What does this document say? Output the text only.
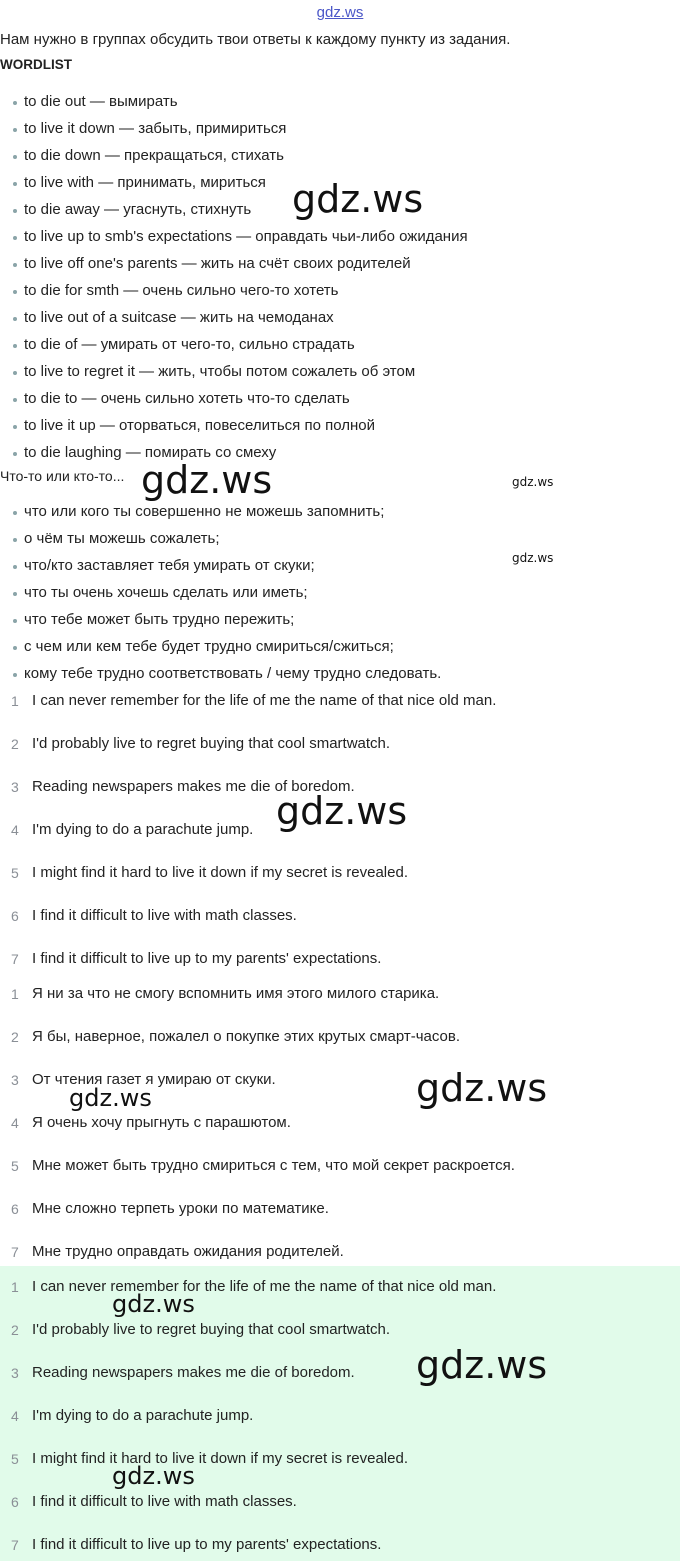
gdz.ws
Нам нужно в группах обсудить твои ответы к каждому пункту из задания.
WORDLIST
to die out — вымирать
to live it down — забыть, примириться
to die down — прекращаться, стихать
to live with — принимать, мириться
to die away — угаснуть, стихнуть
to live up to smb's expectations — оправдать чьи-либо ожидания
to live off one's parents — жить на счёт своих родителей
to die for smth — очень сильно чего-то хотеть
to live out of a suitcase — жить на чемоданах
to die of — умирать от чего-то, сильно страдать
to live to regret it — жить, чтобы потом сожалеть об этом
to die to — очень сильно хотеть что-то сделать
to live it up — оторваться, повеселиться по полной
to die laughing — помирать со смеху
Что-то или кто-то...
что или кого ты совершенно не можешь запомнить;
о чём ты можешь сожалеть;
что/кто заставляет тебя умирать от скуки;
что ты очень хочешь сделать или иметь;
что тебе может быть трудно пережить;
с чем или кем тебе будет трудно смириться/сжиться;
кому тебе трудно соответствовать / чему трудно следовать.
1 I can never remember for the life of me the name of that nice old man.
2 I'd probably live to regret buying that cool smartwatch.
3 Reading newspapers makes me die of boredom.
4 I'm dying to do a parachute jump.
5 I might find it hard to live it down if my secret is revealed.
6 I find it difficult to live with math classes.
7 I find it difficult to live up to my parents' expectations.
1 Я ни за что не смогу вспомнить имя этого милого старика.
2 Я бы, наверное, пожалел о покупке этих крутых смарт-часов.
3 От чтения газет я умираю от скуки.
4 Я очень хочу прыгнуть с парашютом.
5 Мне может быть трудно смириться с тем, что мой секрет раскроется.
6 Мне сложно терпеть уроки по математике.
7 Мне трудно оправдать ожидания родителей.
1 I can never remember for the life of me the name of that nice old man.
2 I'd probably live to regret buying that cool smartwatch.
3 Reading newspapers makes me die of boredom.
4 I'm dying to do a parachute jump.
5 I might find it hard to live it down if my secret is revealed.
6 I find it difficult to live with math classes.
7 I find it difficult to live up to my parents' expectations.
gdz.ws
gdz.ws	gdz.ws
gdz.ws
gdz.ws
gdz.ws
gdz.ws
gdz.ws
gdz.ws
gdz.ws
